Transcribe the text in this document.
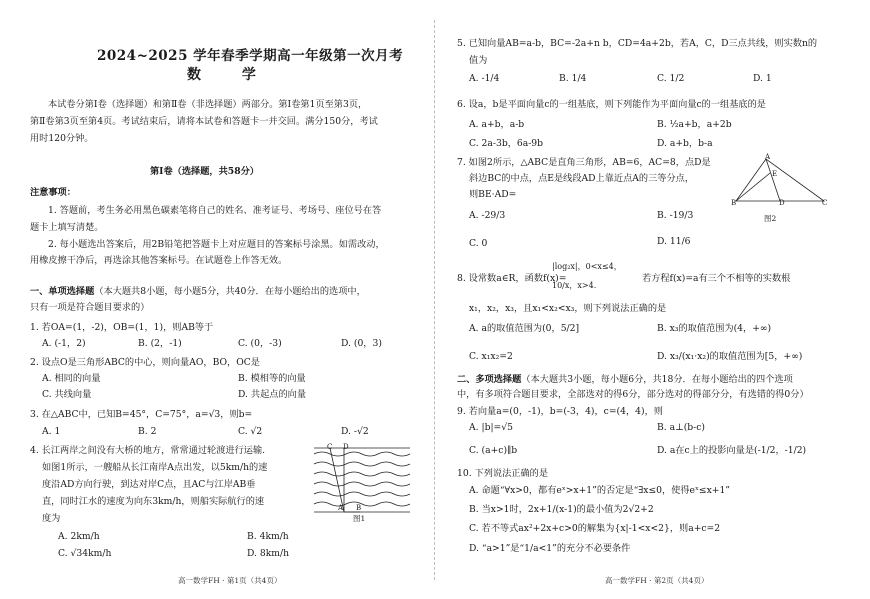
2024~2025 学年春季学期高一年级第一次月考
数 学
本试卷分第Ⅰ卷（选择题）和第Ⅱ卷（非选择题）两部分。第Ⅰ卷第1页至第3页，
第Ⅱ卷第3页至第4页。考试结束后，请将本试卷和答题卡一并交回。满分150分，考试
用时120分钟。
第Ⅰ卷（选择题，共58分）
注意事项：
1. 答题前，考生务必用黑色碳素笔将自己的姓名、准考证号、考场号、座位号在答
题卡上填写清楚。
2. 每小题选出答案后，用2B铅笔把答题卡上对应题目的答案标号涂黑。如需改动，
用橡皮擦干净后，再选涂其他答案标号。在试题卷上作答无效。
一、单项选择题（本大题共8小题，每小题5分，共40分．在每小题给出的选项中，
只有一项是符合题目要求的）
1. 若OA=(1，-2)，OB=(1，1)，则AB等于
A. (-1，2)	B. (2，-1)	C. (0，-3)	D. (0，3)
2. 设点O是三角形ABC的中心，则向量AO，BO，OC是
A. 相同的向量	B. 模相等的向量
C. 共线向量	D. 共起点的向量
3. 在△ABC中，已知B=45°，C=75°，a=√3，则b=
A. 1	B. 2	C. √2	D. -√2
4. 长江两岸之间没有大桥的地方，常常通过轮渡进行运输.
如图1所示，一艘船从长江南岸A点出发，以5km/h的速
度沿AD方向行驶，到达对岸C点，且AC与江岸AB垂
直，同时江水的速度为向东3km/h，则船实际航行的速
度为
A. 2km/h	B. 4km/h
C. √34km/h	D. 8km/h
C D
A B
图1
高一数学FH · 第1页（共4页）
5. 已知向量AB=a-b，BC=-2a+n b，CD=4a+2b，若A，C，D三点共线，则实数n的
值为
A. -1/4	B. 1/4	C. 1/2	D. 1
6. 设a，b是平面向量c的一组基底，则下列能作为平面向量c的一组基底的是
A. a+b，a-b	B. ½a+b，a+2b
C. 2a-3b，6a-9b	D. a+b，b-a
7. 如图2所示，△ABC是直角三角形，AB=6，AC=8，点D是
斜边BC的中点，点E是线段AD上靠近点A的三等分点，
则BE·AD=
A. -29/3	B. -19/3
C. 0	D. 11/6
A
E
B	D	C
图2
8. 设常数a∈R，函数f(x)=
|log₂x|，0<x≤4，
10/x，x>4.
若方程f(x)=a有三个不相等的实数根
x₁，x₂，x₃，且x₁<x₂<x₃，则下列说法正确的是
A. a的取值范围为(0，5/2]	B. x₃的取值范围为(4，+∞)
C. x₁x₂=2	D. x₃/(x₁·x₂)的取值范围为[5，+∞)
二、多项选择题（本大题共3小题，每小题6分，共18分．在每小题给出的四个选项
中，有多项符合题目要求，全部选对的得6分，部分选对的得部分分，有选错的得0分）
9. 若向量a=(0，-1)，b=(-3，4)，c=(4，4)，则
A. |b|=√5	B. a⊥(b-c)
C. (a+c)∥b	D. a在c上的投影向量是(-1/2，-1/2)
10. 下列说法正确的是
A. 命题“∀x>0，都有eˣ>x+1”的否定是“∃x≤0，使得eˣ≤x+1”
B. 当x>1时，2x+1/(x-1)的最小值为2√2+2
C. 若不等式ax²+2x+c>0的解集为{x|-1<x<2}，则a+c=2
D. “a>1”是“1/a<1”的充分不必要条件
高一数学FH · 第2页（共4页）
